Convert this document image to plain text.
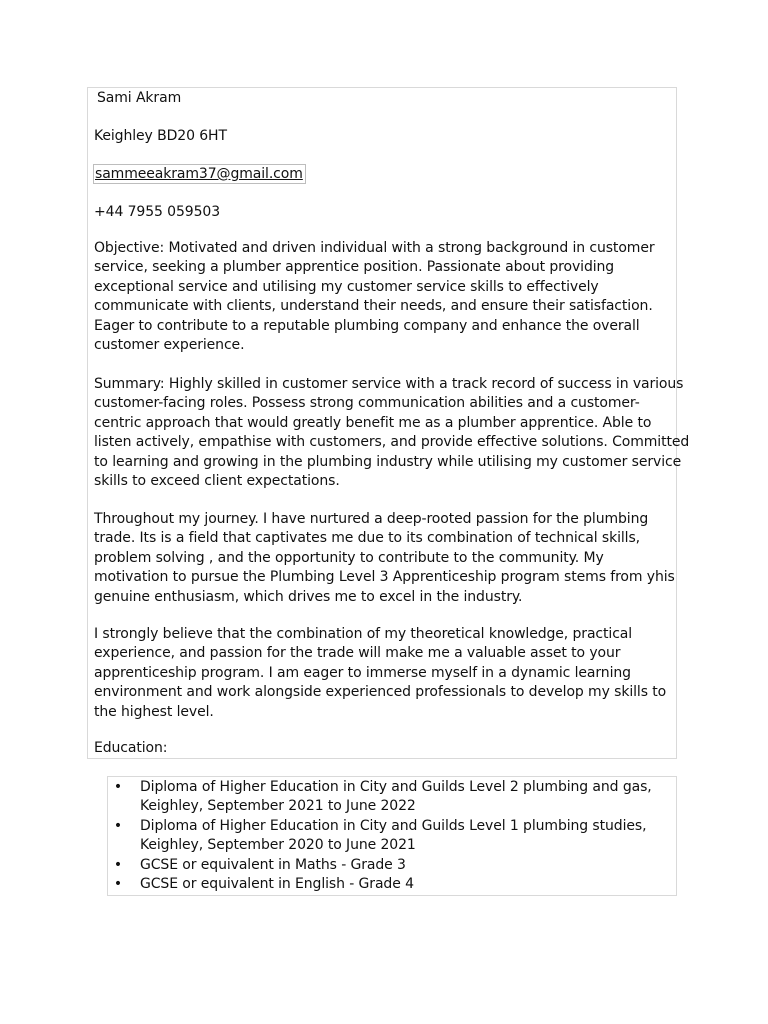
Sami Akram
Keighley BD20 6HT
sammeeakram37@gmail.com
+44 7955 059503
Objective: Motivated and driven individual with a strong background in customer
service, seeking a plumber apprentice position. Passionate about providing
exceptional service and utilising my customer service skills to effectively
communicate with clients, understand their needs, and ensure their satisfaction.
Eager to contribute to a reputable plumbing company and enhance the overall
customer experience.
Summary: Highly skilled in customer service with a track record of success in various
customer-facing roles. Possess strong communication abilities and a customer-
centric approach that would greatly benefit me as a plumber apprentice. Able to
listen actively, empathise with customers, and provide effective solutions. Committed
to learning and growing in the plumbing industry while utilising my customer service
skills to exceed client expectations.
Throughout my journey. I have nurtured a deep-rooted passion for the plumbing
trade. Its is a field that captivates me due to its combination of technical skills,
problem solving , and the opportunity to contribute to the community. My
motivation to pursue the Plumbing Level 3 Apprenticeship program stems from yhis
genuine enthusiasm, which drives me to excel in the industry.
I strongly believe that the combination of my theoretical knowledge, practical
experience, and passion for the trade will make me a valuable asset to your
apprenticeship program. I am eager to immerse myself in a dynamic learning
environment and work alongside experienced professionals to develop my skills to
the highest level.
Education:
• Diploma of Higher Education in City and Guilds Level 2 plumbing and gas,
Keighley, September 2021 to June 2022
• Diploma of Higher Education in City and Guilds Level 1 plumbing studies,
Keighley, September 2020 to June 2021
• GCSE or equivalent in Maths - Grade 3
• GCSE or equivalent in English - Grade 4
